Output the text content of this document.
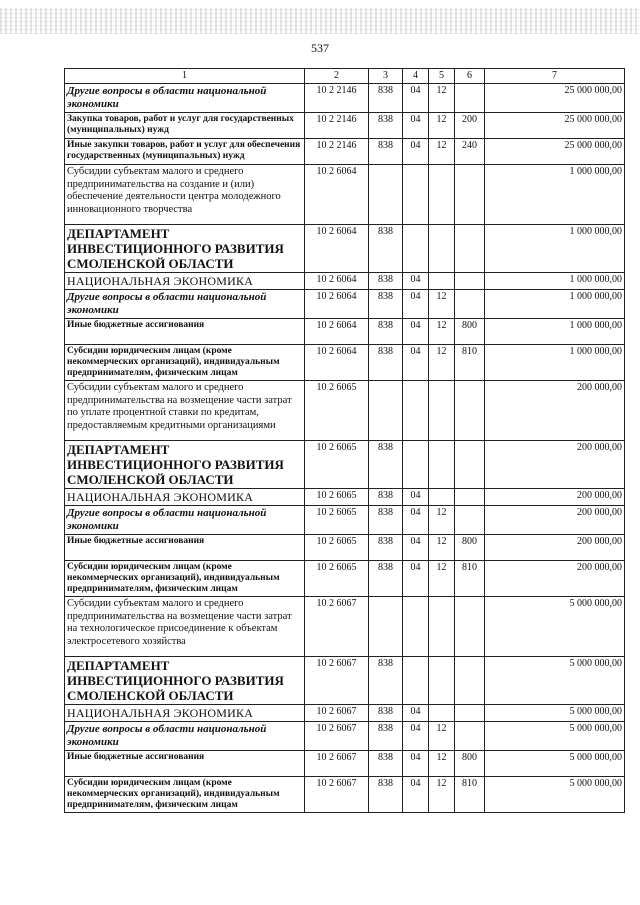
537
1	2	3	4	5	6	7
Другие вопросы в области национальной экономики	10 2 2146	838	04	12		25 000 000,00
Закупка товаров, работ и услуг для государственных (муниципальных) нужд	10 2 2146	838	04	12	200	25 000 000,00
Иные закупки товаров, работ и услуг для обеспечения государственных (муниципальных) нужд	10 2 2146	838	04	12	240	25 000 000,00
Субсидии субъектам малого и среднего предпринимательства на создание и (или) обеспечение деятельности центра молодежного инновационного творчества	10 2 6064					1 000 000,00
ДЕПАРТАМЕНТ ИНВЕСТИЦИОННОГО РАЗВИТИЯ СМОЛЕНСКОЙ ОБЛАСТИ	10 2 6064	838				1 000 000,00
НАЦИОНАЛЬНАЯ ЭКОНОМИКА	10 2 6064	838	04			1 000 000,00
Другие вопросы в области национальной экономики	10 2 6064	838	04	12		1 000 000,00
Иные бюджетные ассигнования	10 2 6064	838	04	12	800	1 000 000,00
Субсидии юридическим лицам (кроме некоммерческих организаций), индивидуальным предпринимателям, физическим лицам	10 2 6064	838	04	12	810	1 000 000,00
Субсидии субъектам малого и среднего предпринимательства на возмещение части затрат по уплате процентной ставки по кредитам, предоставляемым кредитными организациями	10 2 6065					200 000,00
ДЕПАРТАМЕНТ ИНВЕСТИЦИОННОГО РАЗВИТИЯ СМОЛЕНСКОЙ ОБЛАСТИ	10 2 6065	838				200 000,00
НАЦИОНАЛЬНАЯ ЭКОНОМИКА	10 2 6065	838	04			200 000,00
Другие вопросы в области национальной экономики	10 2 6065	838	04	12		200 000,00
Иные бюджетные ассигнования	10 2 6065	838	04	12	800	200 000,00
Субсидии юридическим лицам (кроме некоммерческих организаций), индивидуальным предпринимателям, физическим лицам	10 2 6065	838	04	12	810	200 000,00
Субсидии субъектам малого и среднего предпринимательства на возмещение части затрат на технологическое присоединение к объектам электросетевого хозяйства	10 2 6067					5 000 000,00
ДЕПАРТАМЕНТ ИНВЕСТИЦИОННОГО РАЗВИТИЯ СМОЛЕНСКОЙ ОБЛАСТИ	10 2 6067	838				5 000 000,00
НАЦИОНАЛЬНАЯ ЭКОНОМИКА	10 2 6067	838	04			5 000 000,00
Другие вопросы в области национальной экономики	10 2 6067	838	04	12		5 000 000,00
Иные бюджетные ассигнования	10 2 6067	838	04	12	800	5 000 000,00
Субсидии юридическим лицам (кроме некоммерческих организаций), индивидуальным предпринимателям, физическим лицам	10 2 6067	838	04	12	810	5 000 000,00
